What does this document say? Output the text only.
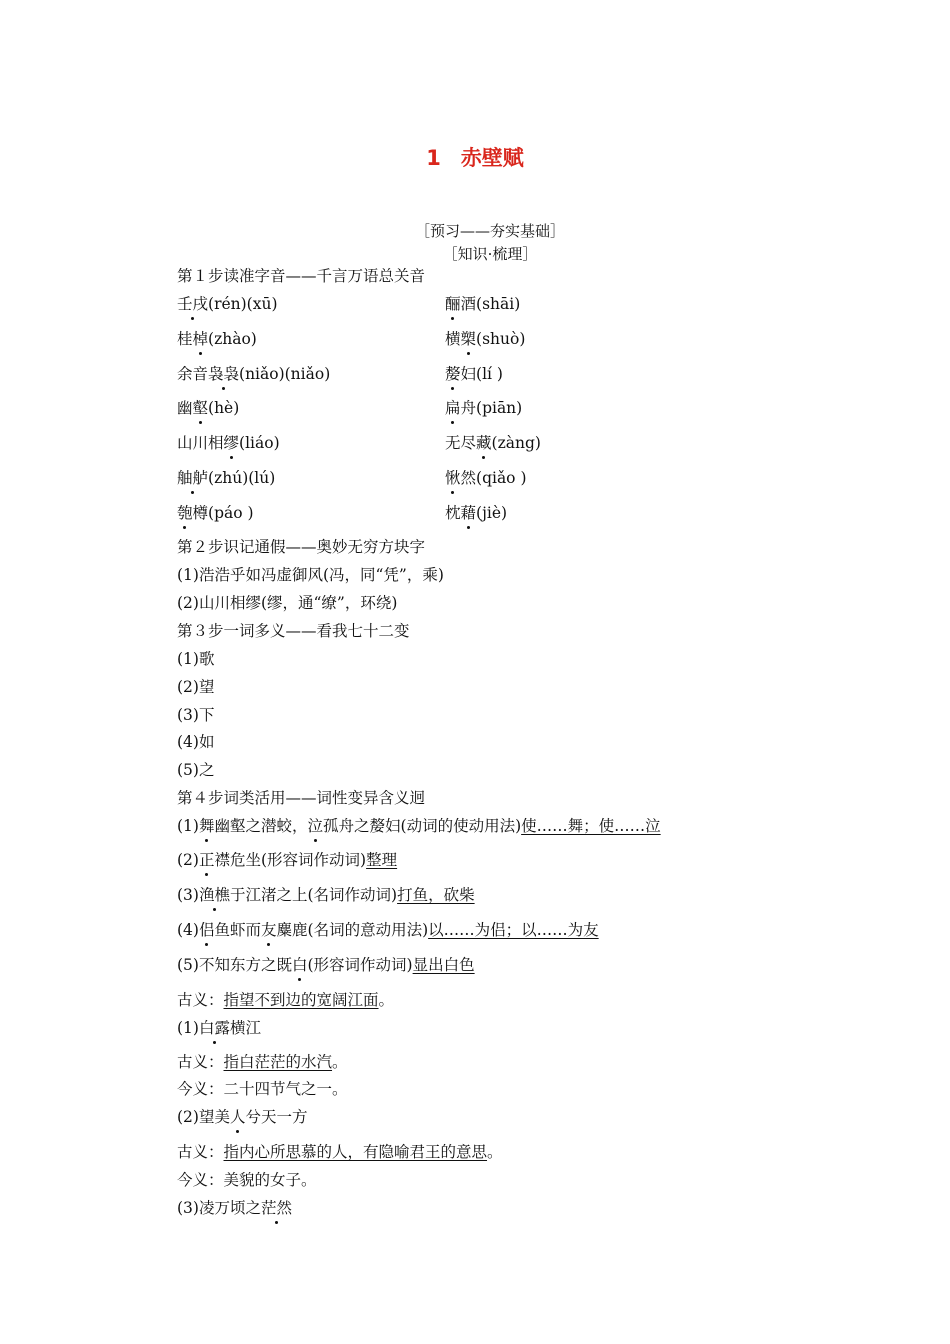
1 赤壁赋
［预习——夯实基础］
［知识·梳理］
第１步读准字音——千言万语总关音
壬戌(rén)(xū)
桂棹(zhào)
余音袅袅(niǎo)(niǎo)
幽壑(hè)
山川相缪(liáo)
舳舻(zhú)(lú)
匏樽(páo )
酾酒(shāi)
横槊(shuò)
嫠妇(lí )
扁舟(piān)
无尽藏(zàng)
愀然(qiǎo )
枕藉(jiè)
第２步识记通假——奥妙无穷方块字
(1)浩浩乎如冯虚御风(冯，同“凭”，乘)
(2)山川相缪(缪，通“缭”，环绕)
第３步一词多义——看我七十二变
(1)歌
(2)望
(3)下
(4)如
(5)之
第４步词类活用——词性变异含义迥
(1)舞幽壑之潜蛟，泣孤舟之嫠妇(动词的使动用法)使……舞；使……泣
(2)正襟危坐(形容词作动词)整理
(3)渔樵于江渚之上(名词作动词)打鱼，砍柴
(4)侣鱼虾而友麋鹿(名词的意动用法)以……为侣；以……为友
(5)不知东方之既白(形容词作动词)显出白色
古义：指望不到边的宽阔江面。
(1)白露横江
古义：指白茫茫的水汽。
今义：二十四节气之一。
(2)望美人兮天一方
古义：指内心所思慕的人，有隐喻君王的意思。
今义：美貌的女子。
(3)凌万顷之茫然
